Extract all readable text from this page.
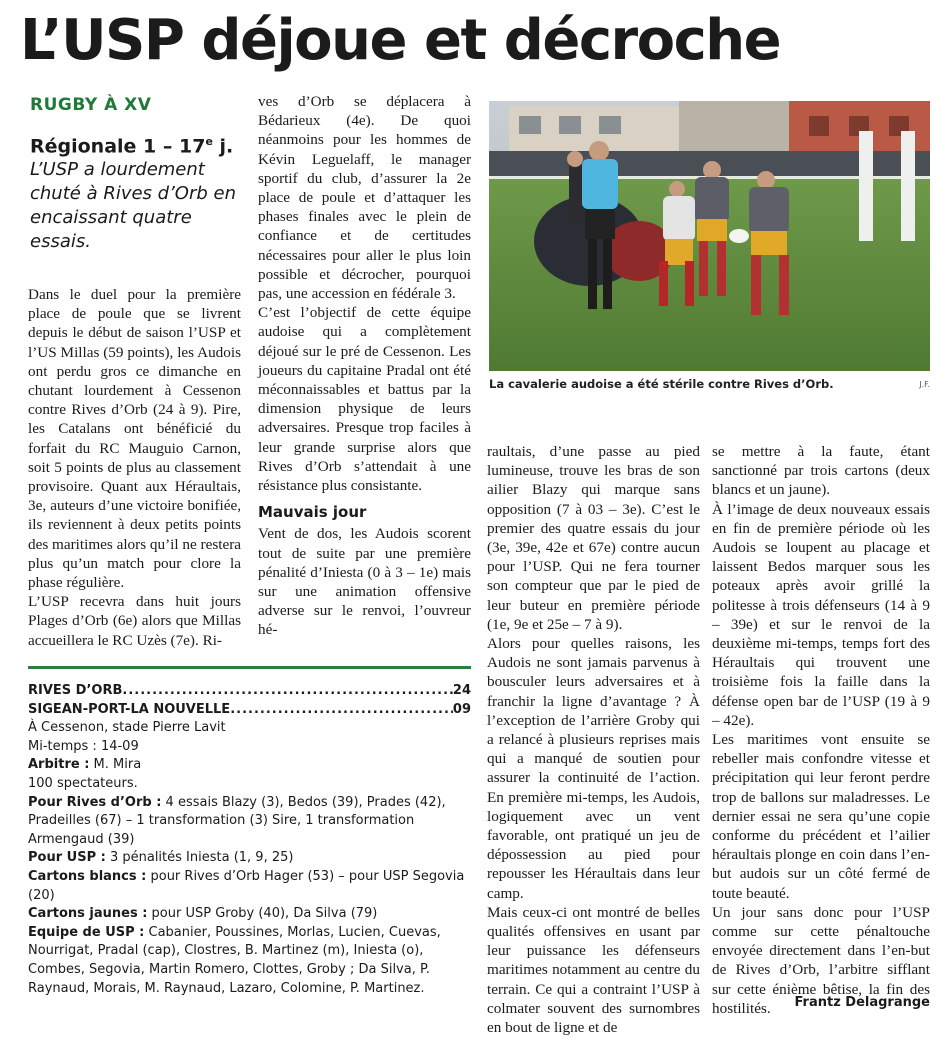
L’USP déjoue et décroche
RUGBY À XV
Régionale 1 – 17e j.
L’USP a lourdement chuté à Rives d’Orb en encaissant quatre essais.

Dans le duel pour la première place de poule que se livrent depuis le début de saison l’USP et l’US Millas (59 points), les Audois ont perdu gros ce dimanche en chutant lourdement à Cessenon contre Rives d’Orb (24 à 9). Pire, les Catalans ont bénéficié du forfait du RC Mauguio Carnon, soit 5 points de plus au classement provisoire. Quant aux Héraultais, 3e, auteurs d’une victoire bonifiée, ils reviennent à deux petits points des maritimes alors qu’il ne restera plus qu’un match pour clore la phase régulière.

L’USP recevra dans huit jours Plages d’Orb (6e) alors que Millas accueillera le RC Uzès (7e). Ri-

ves d’Orb se déplacera à Bédarieux (4e). De quoi néanmoins pour les hommes de Kévin Leguelaff, le manager sportif du club, d’assurer la 2e place de poule et d’attaquer les phases finales avec le plein de confiance et de certitudes nécessaires pour aller le plus loin possible et décrocher, pourquoi pas, une accession en fédérale 3.

C’est l’objectif de cette équipe audoise qui a complètement déjoué sur le pré de Cessenon. Les joueurs du capitaine Pradal ont été méconnaissables et battus par la dimension physique de leurs adversaires. Presque trop faciles à leur grande surprise alors que Rives d’Orb s’attendait à une résistance plus consistante.

Mauvais jour

Vent de dos, les Audois scorent tout de suite par une première pénalité d’Iniesta (0 à 3 – 1e) mais sur une animation offensive adverse sur le renvoi, l’ouvreur hé-

La cavalerie audoise a été stérile contre Rives d’Orb.	J.F.

raultais, d’une passe au pied lumineuse, trouve les bras de son ailier Blazy qui marque sans opposition (7 à 03 – 3e). C’est le premier des quatre essais du jour (3e, 39e, 42e et 67e) contre aucun pour l’USP. Qui ne fera tourner son compteur que par le pied de leur buteur en première période (1e, 9e et 25e – 7 à 9).

Alors pour quelles raisons, les Audois ne sont jamais parvenus à bousculer leurs adversaires et à franchir la ligne d’avantage ? À l’exception de l’arrière Groby qui a relancé à plusieurs reprises mais qui a manqué de soutien pour assurer la continuité de l’action. En première mi-temps, les Audois, logiquement avec un vent favorable, ont pratiqué un jeu de dépossession au pied pour repousser les Héraultais dans leur camp.

Mais ceux-ci ont montré de belles qualités offensives en usant par leur puissance les défenseurs maritimes notamment au centre du terrain. Ce qui a contraint l’USP à colmater souvent des surnombres en bout de ligne et de

se mettre à la faute, étant sanctionné par trois cartons (deux blancs et un jaune).

À l’image de deux nouveaux essais en fin de première période où les Audois se loupent au placage et laissent Bedos marquer sous les poteaux après avoir grillé la politesse à trois défenseurs (14 à 9 – 39e) et sur le renvoi de la deuxième mi-temps, temps fort des Héraultais qui trouvent une troisième fois la faille dans la défense open bar de l’USP (19 à 9 – 42e).

Les maritimes vont ensuite se rebeller mais confondre vitesse et précipitation qui leur feront perdre trop de ballons sur maladresses. Le dernier essai ne sera qu’une copie conforme du précédent et l’ailier héraultais plonge en coin dans l’en-but audois sur un côté fermé de toute beauté.

Un jour sans donc pour l’USP comme sur cette pénaltouche envoyée directement dans l’en-but de Rives d’Orb, l’arbitre sifflant sur cette énième bêtise, la fin des hostilités.	Frantz Delagrange
RIVES D’ORB .....	24
SIGEAN-PORT-LA NOUVELLE .....	09
À Cessenon, stade Pierre Lavit
Mi-temps : 14-09
Arbitre : M. Mira
100 spectateurs.
Pour Rives d’Orb : 4 essais Blazy (3), Bedos (39), Prades (42), Pradeilles (67) – 1 transformation (3) Sire, 1 transformation Armengaud (39)
Pour USP : 3 pénalités Iniesta (1, 9, 25)
Cartons blancs : pour Rives d’Orb Hager (53) – pour USP Segovia (20)
Cartons jaunes : pour USP Groby (40), Da Silva (79)
Equipe de USP : Cabanier, Poussines, Morlas, Lucien, Cuevas, Nourrigat, Pradal (cap), Clostres, B. Martinez (m), Iniesta (o), Combes, Segovia, Martin Romero, Clottes, Groby ; Da Silva, P. Raynaud, Morais, M. Raynaud, Lazaro, Colomine, P. Martinez.
